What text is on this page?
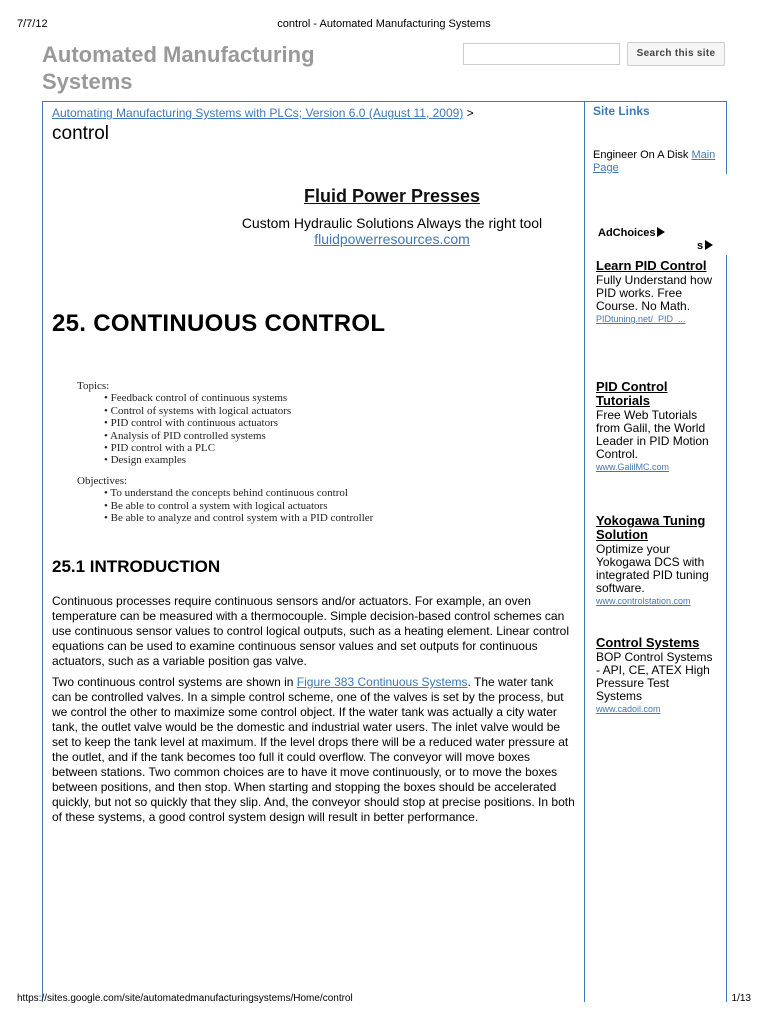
7/7/12	control - Automated Manufacturing Systems
Automated Manufacturing
Systems
Search this site
Site Links
Engineer On A Disk Main Page
Automating Manufacturing Systems with PLCs; Version 6.0 (August 11, 2009) >
control
Fluid Power Presses
Custom Hydraulic Solutions Always the right tool
fluidpowerresources.com	AdChoices
s
Learn PID Control
Fully Understand how PID works. Free Course. No Math.
PIDtuning.net/_PID_...
PID Control Tutorials
Free Web Tutorials from Galil, the World Leader in PID Motion Control.
www.GalilMC.com
Yokogawa Tuning Solution
Optimize your Yokogawa DCS with integrated PID tuning software.
www.controlstation.com
Control Systems
BOP Control Systems - API, CE, ATEX High Pressure Test Systems
www.cadoil.com
25. CONTINUOUS CONTROL
Topics:
• Feedback control of continuous systems
• Control of systems with logical actuators
• PID control with continuous actuators
• Analysis of PID controlled systems
• PID control with a PLC
• Design examples
Objectives:
• To understand the concepts behind continuous control
• Be able to control a system with logical actuators
• Be able to analyze and control system with a PID controller
25.1 INTRODUCTION
Continuous processes require continuous sensors and/or actuators. For example, an oven temperature can be measured with a thermocouple. Simple decision-based control schemes can use continuous sensor values to control logical outputs, such as a heating element. Linear control equations can be used to examine continuous sensor values and set outputs for continuous actuators, such as a variable position gas valve.
Two continuous control systems are shown in Figure 383 Continuous Systems. The water tank can be controlled valves. In a simple control scheme, one of the valves is set by the process, but we control the other to maximize some control object. If the water tank was actually a city water tank, the outlet valve would be the domestic and industrial water users. The inlet valve would be set to keep the tank level at maximum. If the level drops there will be a reduced water pressure at the outlet, and if the tank becomes too full it could overflow. The conveyor will move boxes between stations. Two common choices are to have it move continuously, or to move the boxes between positions, and then stop. When starting and stopping the boxes should be accelerated quickly, but not so quickly that they slip. And, the conveyor should stop at precise positions. In both of these systems, a good control system design will result in better performance.
https://sites.google.com/site/automatedmanufacturingsystems/Home/control	1/13
